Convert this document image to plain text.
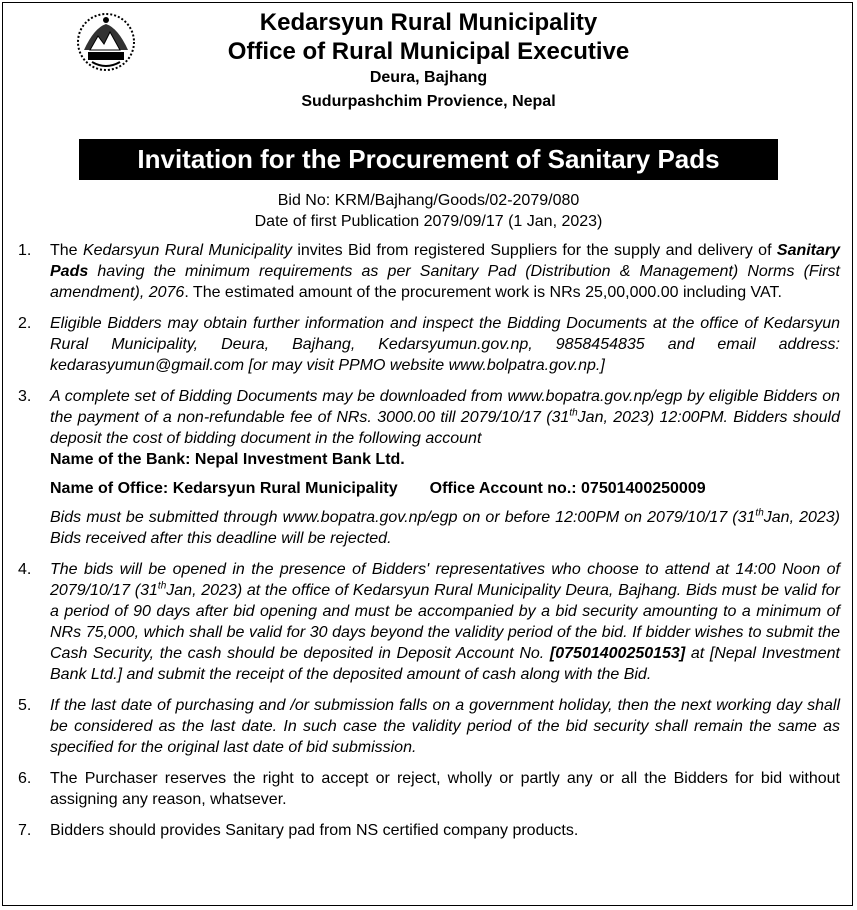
Kedarsyun Rural Municipality
Office of Rural Municipal Executive
Deura, Bajhang
Sudurpashchim Provience, Nepal
Invitation for the Procurement of Sanitary Pads
Bid No: KRM/Bajhang/Goods/02-2079/080
Date of first Publication 2079/09/17 (1 Jan, 2023)
1.	The Kedarsyun Rural Municipality invites Bid from registered Suppliers for the supply and delivery of Sanitary Pads having the minimum requirements as per Sanitary Pad (Distribution & Management) Norms (First amendment), 2076. The estimated amount of the procurement work is NRs 25,00,000.00 including VAT.
2.	Eligible Bidders may obtain further information and inspect the Bidding Documents at the office of Kedarsyun Rural Municipality, Deura, Bajhang, Kedarsyumun.gov.np, 9858454835 and email address: kedarasyumun@gmail.com [or may visit PPMO website www.bolpatra.gov.np.]
3.	A complete set of Bidding Documents may be downloaded from www.bopatra.gov.np/egp by eligible Bidders on the payment of a non-refundable fee of NRs. 3000.00 till 2079/10/17 (31thJan, 2023) 12:00PM. Bidders should deposit the cost of bidding document in the following account
Name of the Bank: Nepal Investment Bank Ltd.
Name of Office: Kedarsyun Rural Municipality Office Account no.: 07501400250009
Bids must be submitted through www.bopatra.gov.np/egp on or before 12:00PM on 2079/10/17 (31thJan, 2023) Bids received after this deadline will be rejected.
4.	The bids will be opened in the presence of Bidders' representatives who choose to attend at 14:00 Noon of 2079/10/17 (31thJan, 2023) at the office of Kedarsyun Rural Municipality Deura, Bajhang. Bids must be valid for a period of 90 days after bid opening and must be accompanied by a bid security amounting to a minimum of NRs 75,000, which shall be valid for 30 days beyond the validity period of the bid. If bidder wishes to submit the Cash Security, the cash should be deposited in Deposit Account No. [07501400250153] at [Nepal Investment Bank Ltd.] and submit the receipt of the deposited amount of cash along with the Bid.
5.	If the last date of purchasing and /or submission falls on a government holiday, then the next working day shall be considered as the last date. In such case the validity period of the bid security shall remain the same as specified for the original last date of bid submission.
6.	The Purchaser reserves the right to accept or reject, wholly or partly any or all the Bidders for bid without assigning any reason, whatsever.
7.	Bidders should provides Sanitary pad from NS certified company products.
